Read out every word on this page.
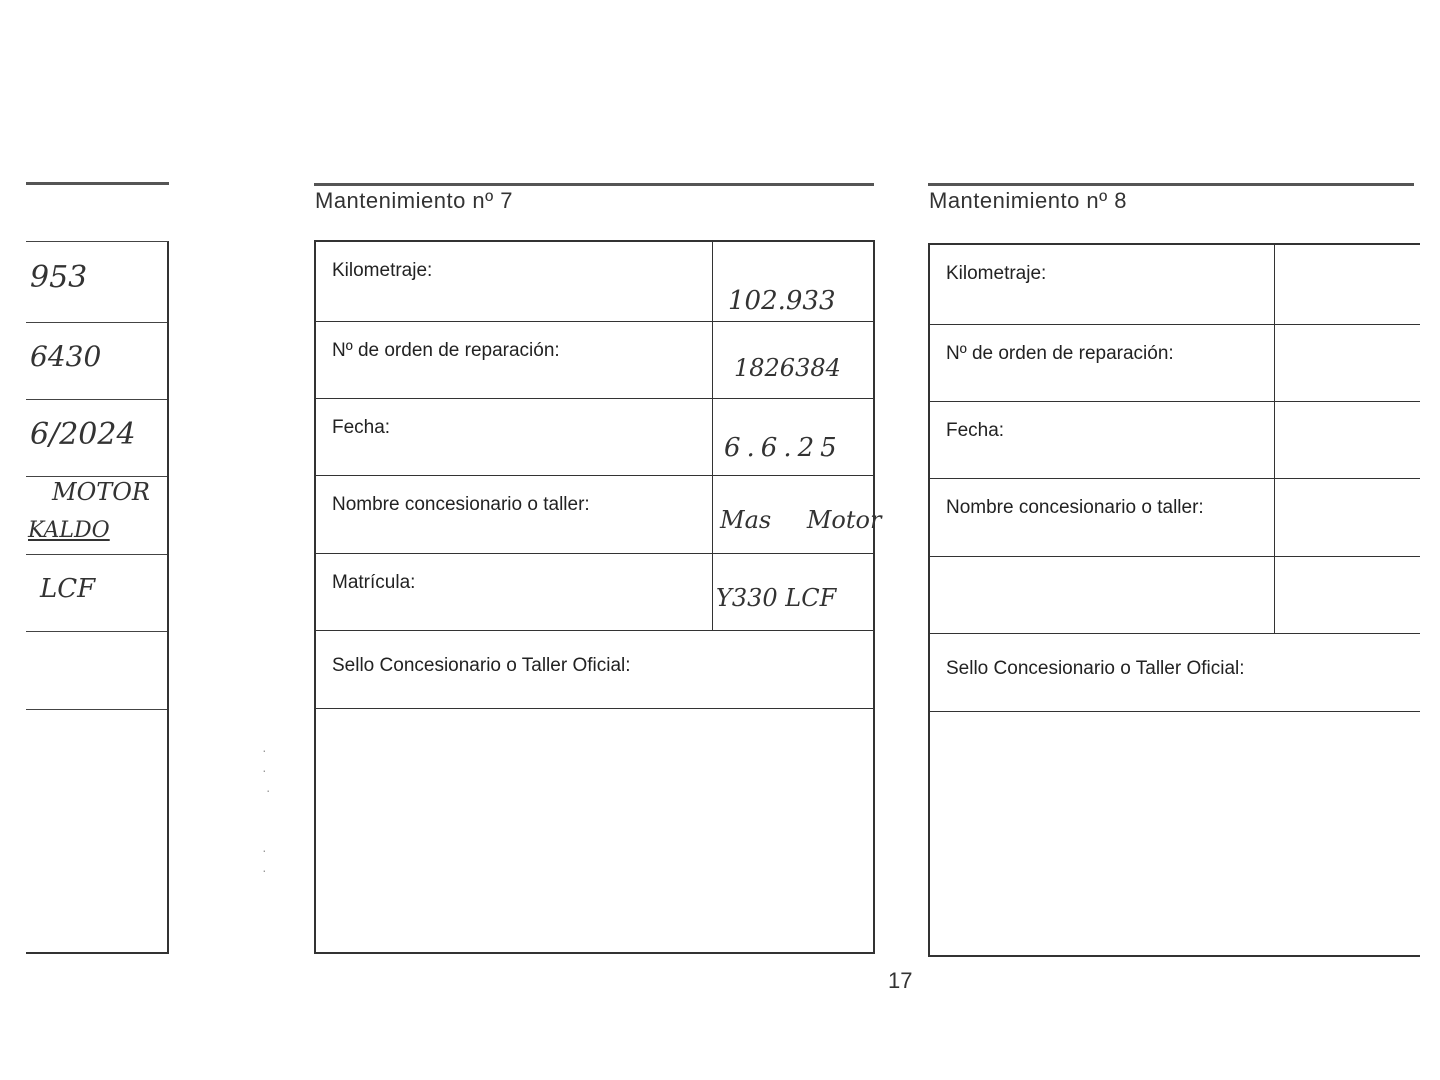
953
6430
6/2024
MOTOR
KALDO
LCF
Mantenimiento nº 7
Kilometraje:
102.933
Nº de orden de reparación:
1826384
Fecha:
6.6.25
Nombre concesionario o taller:
Mas Motor
Matrícula:
Y330 LCF
Sello Concesionario o Taller Oficial:
Mantenimiento nº 8
Kilometraje:
Nº de orden de reparación:
Fecha:
Nombre concesionario o taller:
Sello Concesionario o Taller Oficial:
·
·
·

·
·
17
